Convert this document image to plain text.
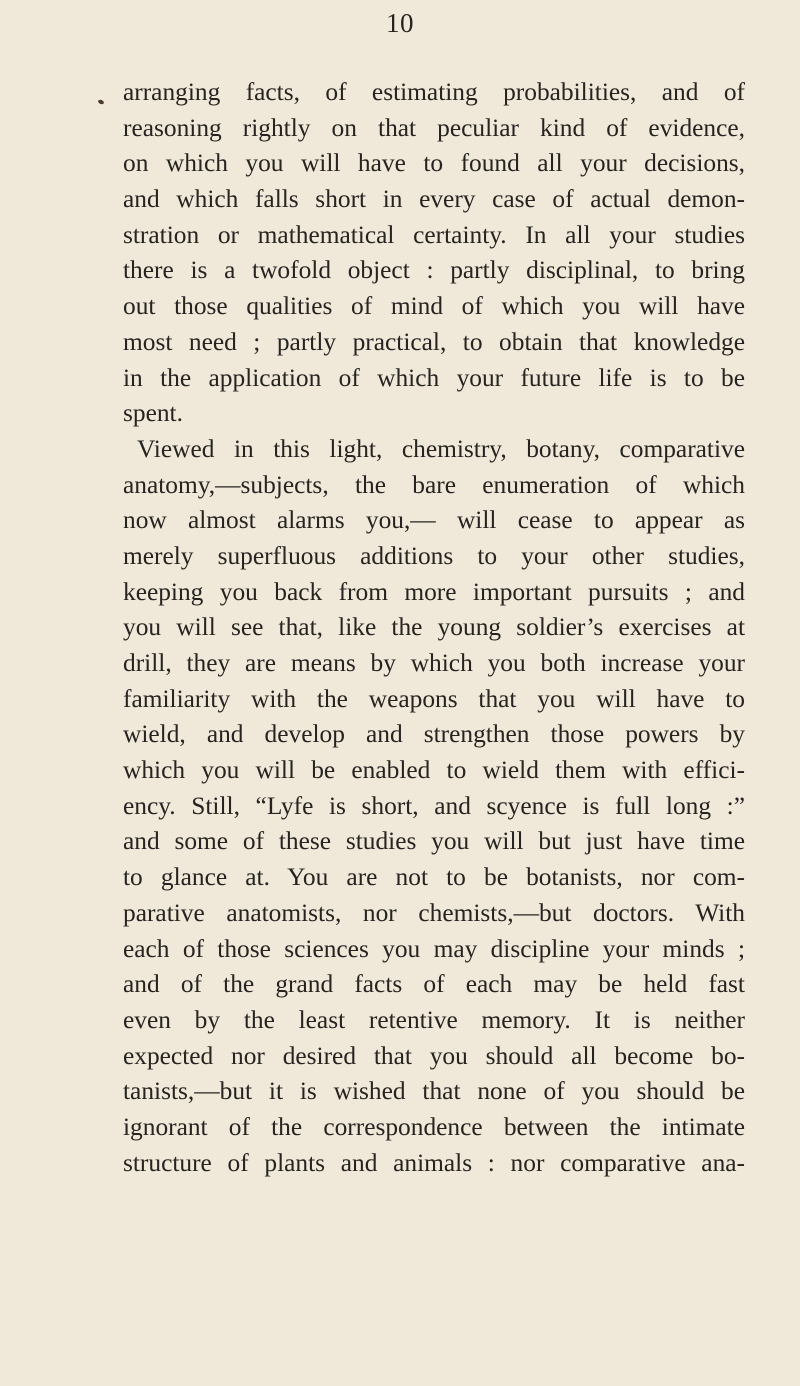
10
arranging facts, of estimating probabilities, and of
reasoning rightly on that peculiar kind of evidence,
on which you will have to found all your decisions,
and which falls short in every case of actual demon-
stration or mathematical certainty. In all your studies
there is a twofold object : partly disciplinal, to bring
out those qualities of mind of which you will have
most need ; partly practical, to obtain that knowledge
in the application of which your future life is to be
spent.
Viewed in this light, chemistry, botany, comparative
anatomy,—subjects, the bare enumeration of which
now almost alarms you,— will cease to appear as
merely superfluous additions to your other studies,
keeping you back from more important pursuits ; and
you will see that, like the young soldier’s exercises at
drill, they are means by which you both increase your
familiarity with the weapons that you will have to
wield, and develop and strengthen those powers by
which you will be enabled to wield them with effici-
ency. Still, “Lyfe is short, and scyence is full long :”
and some of these studies you will but just have time
to glance at. You are not to be botanists, nor com-
parative anatomists, nor chemists,—but doctors. With
each of those sciences you may discipline your minds ;
and of the grand facts of each may be held fast
even by the least retentive memory. It is neither
expected nor desired that you should all become bo-
tanists,—but it is wished that none of you should be
ignorant of the correspondence between the intimate
structure of plants and animals : nor comparative ana-
